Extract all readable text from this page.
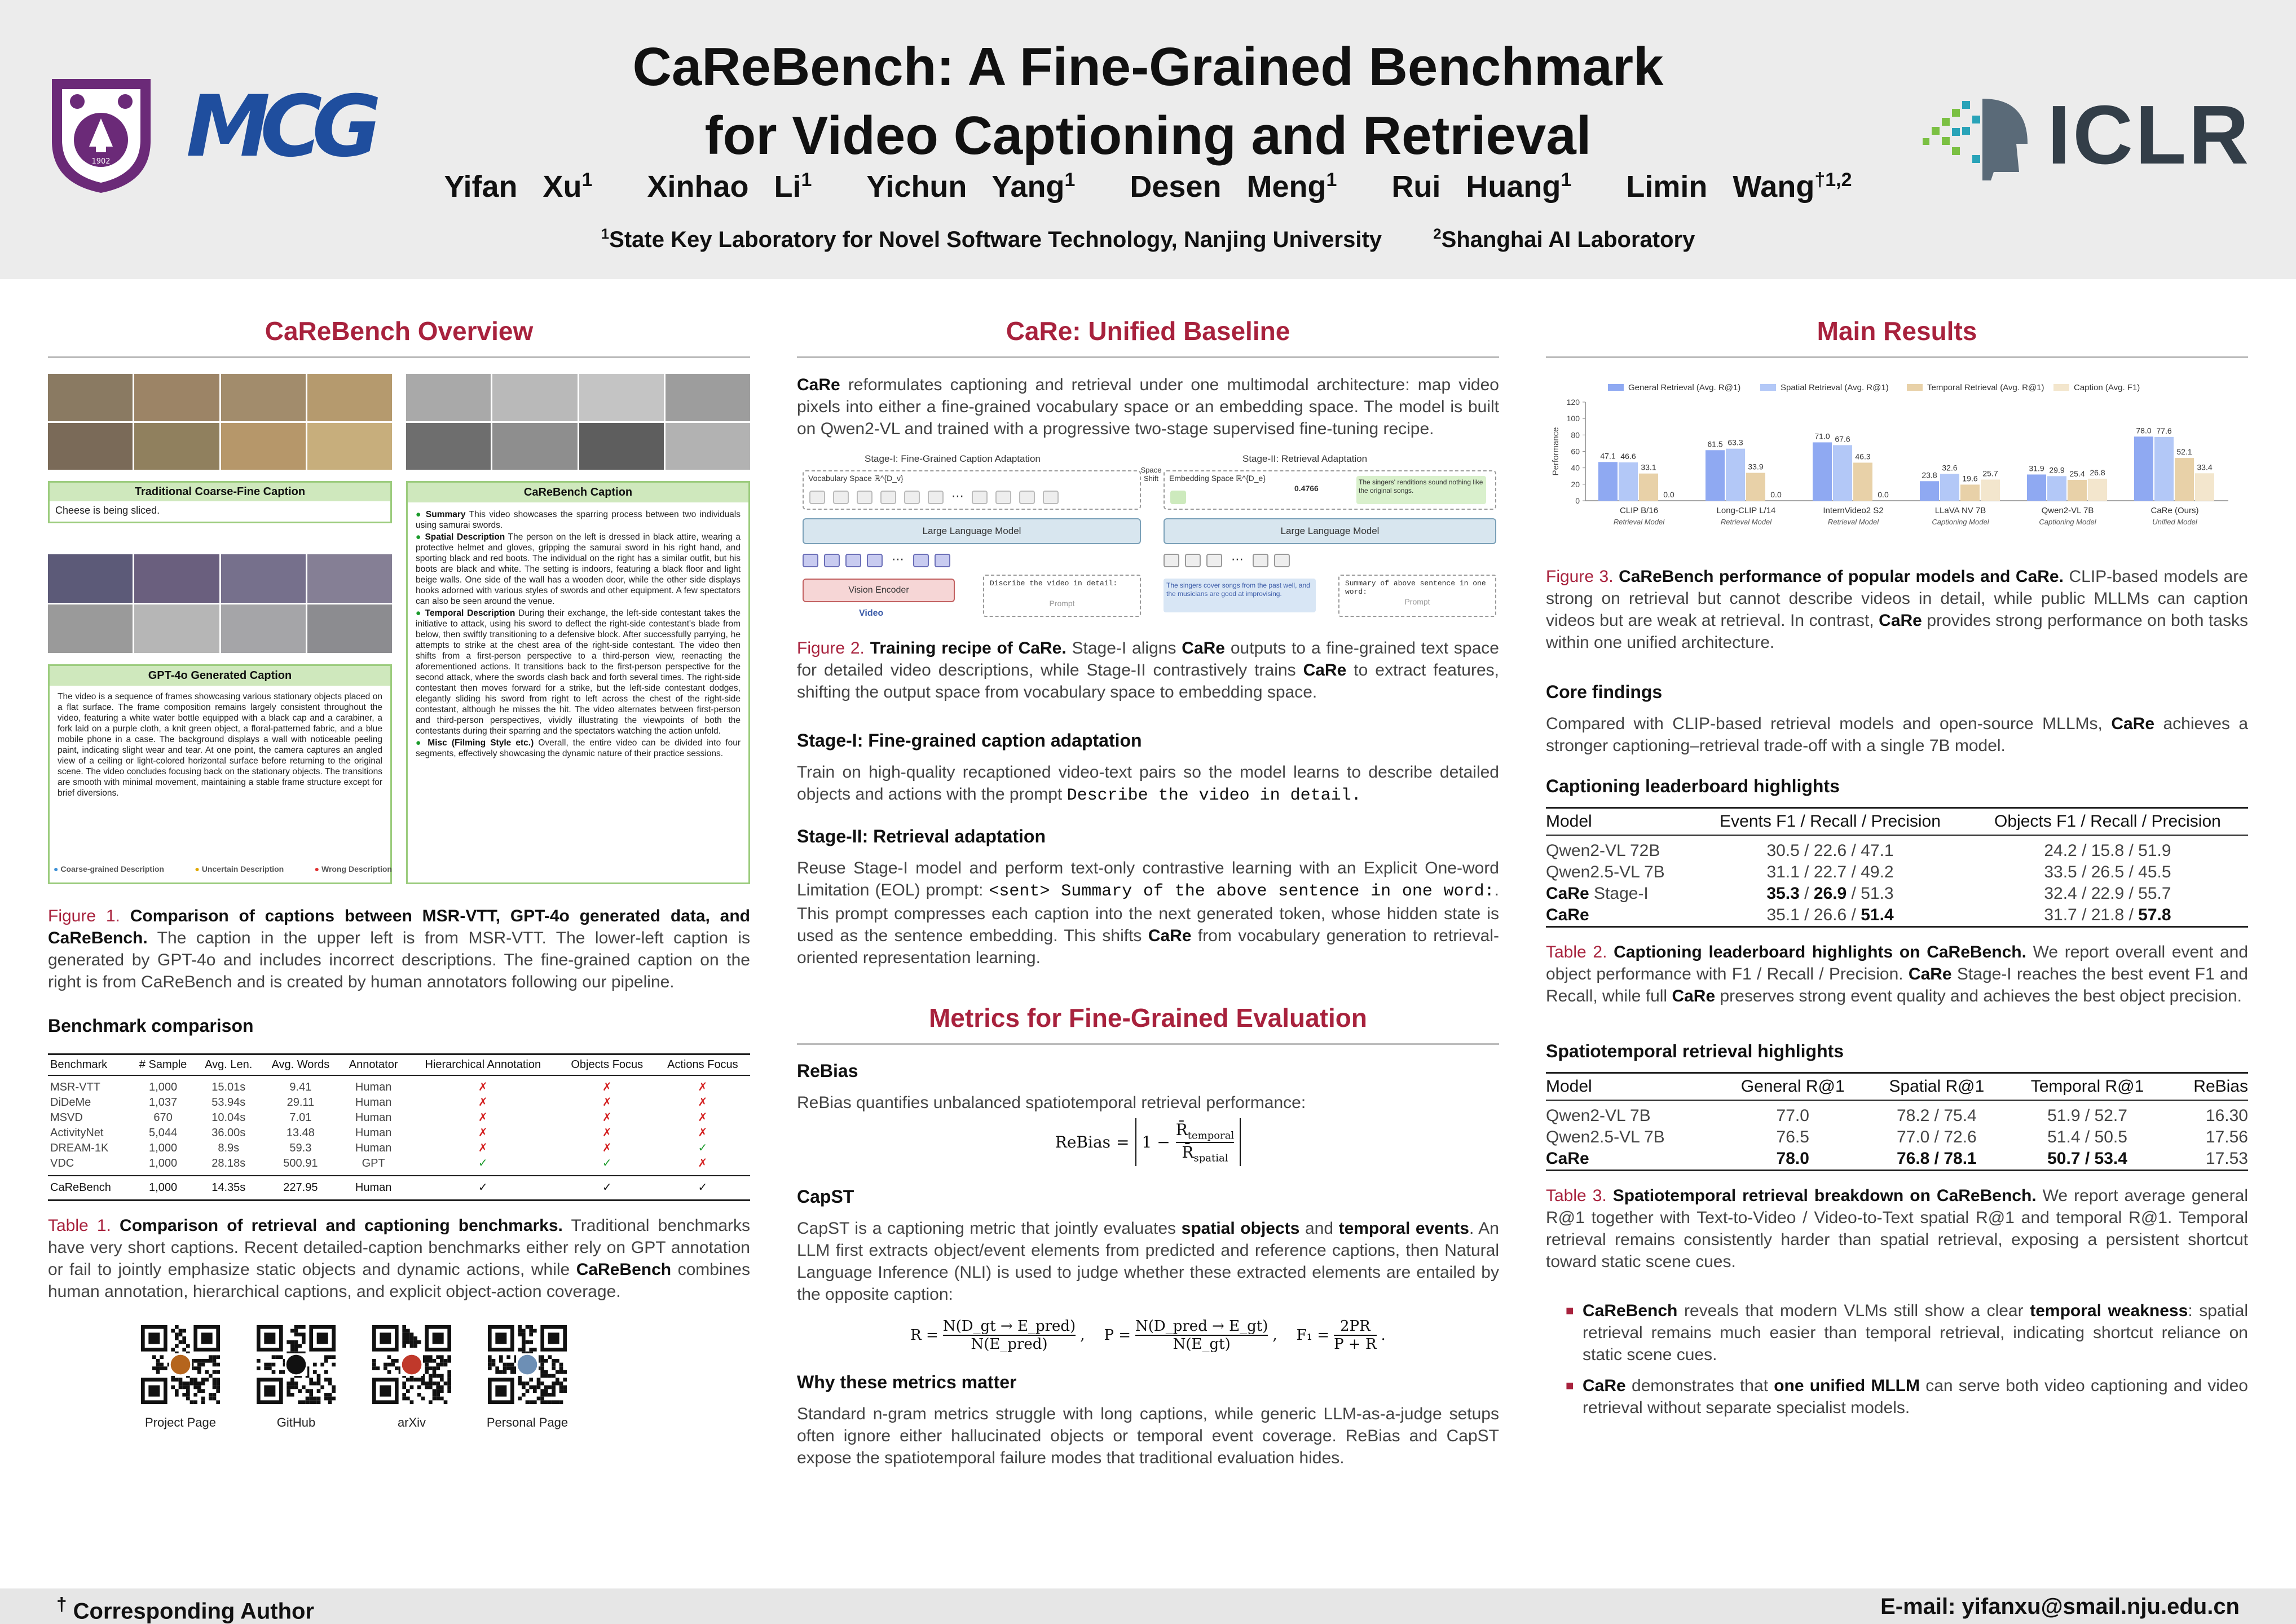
1902 MCG	ICLR
CaReBench: A Fine-Grained Benchmark
for Video Captioning and Retrieval
Yifan Xu$^1$ Xinhao Li$^1$ Yichun Yang$^1$ Desen Meng$^1$ Rui Huang$^1$ Limin Wang$^{\dagger 1,2}$
$^1$State Key Laboratory for Novel Software Technology, Nanjing University	$^2$Shanghai AI Laboratory
CaReBench Overview
Traditional Coarse-Fine Caption
Cheese is being sliced.
GPT-4o Generated Caption
The video is a sequence of frames showcasing various stationary objects placed on a flat surface. The frame composition remains largely consistent throughout the video, featuring a white water bottle equipped with a black cap and a carabiner, a fork laid on a purple cloth, a knit green object, a floral-patterned fabric, and a blue mobile phone in a case. The background displays a wall with noticeable peeling paint, indicating slight wear and tear. At one point, the camera captures an angled view of a ceiling or light-colored horizontal surface before returning to the original scene. The video concludes focusing back on the stationary objects. The transitions are smooth with minimal movement, maintaining a stable frame structure except for brief diversions.
CaReBench Caption

● Summary This video showcases the sparring process between two individuals using samurai swords.

● Spatial Description The person on the left is dressed in black attire, wearing a protective helmet and gloves, gripping the samurai sword in his right hand, and sporting black and red boots. The individual on the right has a similar outfit, but his boots are black and white. The setting is indoors, featuring a black floor and light beige walls. One side of the wall has a wooden door, while the other side displays hooks adorned with various styles of swords and other equipment. A few spectators can also be seen around the venue.

● Temporal Description During their exchange, the left-side contestant takes the initiative to attack, using his sword to deflect the right-side contestant's blade from below, then swiftly transitioning to a defensive block. After successfully parrying, he attempts to strike at the chest area of the right-side contestant. The video then shifts from a first-person perspective to a third-person view, reenacting the aforementioned actions. It transitions back to the first-person perspective for the second attack, where the swords clash back and forth several times. The right-side contestant then moves forward for a strike, but the left-side contestant dodges, elegantly sliding his sword from right to left across the chest of the right-side contestant, although he misses the hit. The video alternates between first-person and third-person perspectives, vividly illustrating the viewpoints of both the contestants during their sparring and the spectators watching the action unfold.

● Misc (Filming Style etc.) Overall, the entire video can be divided into four segments, effectively showcasing the dynamic nature of their practice sessions.

● Coarse-grained Description	● Uncertain Description	● Wrong Description
Figure 1. Comparison of captions between MSR-VTT, GPT-4o generated data, and CaReBench. The caption in the upper left is from MSR-VTT. The lower-left caption is generated by GPT-4o and includes incorrect descriptions. The fine-grained caption on the right is from CaReBench and is created by human annotators following our pipeline.
Benchmark comparison
Benchmark	# Sample	Avg. Len.	Avg. Words	Annotator	Hierarchical Annotation	Objects Focus	Actions Focus
MSR-VTT	1,000	15.01s	9.41	Human	✗	✗	✗
DiDeMe	1,037	53.94s	29.11	Human	✗	✗	✗
MSVD	670	10.04s	7.01	Human	✗	✗	✗
ActivityNet	5,044	36.00s	13.48	Human	✗	✗	✗
DREAM-1K	1,000	8.9s	59.3	Human	✗	✗	✓
VDC	1,000	28.18s	500.91	GPT	✓	✓	✗
CaReBench	1,000	14.35s	227.95	Human	✓	✓	✓
Table 1. Comparison of retrieval and captioning benchmarks. Traditional benchmarks have very short captions. Recent detailed-caption benchmarks either rely on GPT annotation or fail to jointly emphasize static objects and dynamic actions, while CaReBench combines human annotation, hierarchical captions, and explicit object-action coverage.
Project Page	GitHub	arXiv	Personal Page
CaRe: Unified Baseline
CaRe reformulates captioning and retrieval under one multimodal architecture: map video pixels into either a fine-grained vocabulary space or an embedding space. The model is built on Qwen2-VL and trained with a progressive two-stage supervised fine-tuning recipe.
Stage-I: Fine-Grained Caption Adaptation	Stage-II: Retrieval Adaptation
Vocabulary Space ℝ^{D_v}
⋯
Space Shift	Embedding Space ℝ^{D_e}
0.4766
The singers' renditions sound nothing like the original songs.
Large Language Model	Large Language Model
⋯
Vision Encoder
Video
Discribe the video in detail:
Prompt
⋯
The singers cover songs from the past well, and the musicians are good at improvising.
Summary of above sentence in one word:
Prompt
Figure 2. Training recipe of CaRe. Stage-I aligns CaRe outputs to a fine-grained text space for detailed video descriptions, while Stage-II contrastively trains CaRe to extract features, shifting the output space from vocabulary space to embedding space.
Stage-I: Fine-grained caption adaptation
Train on high-quality recaptioned video-text pairs so the model learns to describe detailed objects and actions with the prompt Describe the video in detail.
Stage-II: Retrieval adaptation
Reuse Stage-I model and perform text-only contrastive learning with an Explicit One-word Limitation (EOL) prompt: <sent> Summary of the above sentence in one word:. This prompt compresses each caption into the next generated token, whose hidden state is used as the sentence embedding. This shifts CaRe from vocabulary generation to retrieval-oriented representation learning.
Metrics for Fine-Grained Evaluation
ReBias
ReBias quantifies unbalanced spatiotemporal retrieval performance:
ReBias = 1 −
$R̄_{temporal}$
$R̄_{spatial}$
CapST
CapST is a captioning metric that jointly evaluates spatial objects and temporal events. An LLM first extracts object/event elements from predicted and reference captions, then Natural Language Inference (NLI) is used to judge whether these extracted elements are entailed by the opposite caption:
R =
N(D_gt → E_pred)
N(E_pred)
, P =
N(D_pred → E_gt)
N(E_gt)
, $F_1 = \frac{2PR}{P + R}$ .
Why these metrics matter
Standard n-gram metrics struggle with long captions, while generic LLM-as-a-judge setups often ignore either hallucinated objects or temporal event coverage. ReBias and CapST expose the spatiotemporal failure modes that traditional evaluation hides.
Main Results
0
20
40
60
80
100
120
Performance
General Retrieval (Avg. R@1)	Spatial Retrieval (Avg. R@1)	Temporal Retrieval (Avg. R@1)	Caption (Avg. F1)
47.1 46.6
33.1
0.0
CLIP B/16
Retrieval Model
61.5 63.3
33.9
0.0
Long-CLIP L/14
Retrieval Model
71.0 67.6
46.3
0.0
InternVideo2 S2
Retrieval Model
23.8
32.6
19.6
25.7
LLaVA NV 7B
Captioning Model
31.9 29.9 25.4 26.8
Qwen2-VL 7B
Captioning Model
78.0 77.6
52.1
33.4
CaRe (Ours)
Unified Model
Figure 3. CaReBench performance of popular models and CaRe. CLIP-based models are strong on retrieval but cannot describe videos in detail, while public MLLMs can caption videos but are weak at retrieval. In contrast, CaRe provides strong performance on both tasks within one unified architecture.
Core findings
Compared with CLIP-based retrieval models and open-source MLLMs, CaRe achieves a stronger captioning–retrieval trade-off with a single 7B model.
Captioning leaderboard highlights
Model	Events F1 / Recall / Precision	Objects F1 / Recall / Precision
Qwen2-VL 72B	30.5 / 22.6 / 47.1	24.2 / 15.8 / 51.9
Qwen2.5-VL 7B	31.1 / 22.7 / 49.2	33.5 / 26.5 / 45.5
CaRe Stage-I	35.3 / 26.9 / 51.3	32.4 / 22.9 / 55.7
CaRe	35.1 / 26.6 / 51.4	31.7 / 21.8 / 57.8
Table 2. Captioning leaderboard highlights on CaReBench. We report overall event and object performance with F1 / Recall / Precision. CaRe Stage-I reaches the best event F1 and Recall, while full CaRe preserves strong event quality and achieves the best object precision.
Spatiotemporal retrieval highlights
Model	General R@1	Spatial R@1	Temporal R@1	ReBias
Qwen2-VL 7B	77.0	78.2 / 75.4	51.9 / 52.7	16.30
Qwen2.5-VL 7B	76.5	77.0 / 72.6	51.4 / 50.5	17.56
CaRe	78.0	76.8 / 78.1	50.7 / 53.4	17.53
Table 3. Spatiotemporal retrieval breakdown on CaReBench. We report average general R@1 together with Text-to-Video / Video-to-Text spatial R@1 and temporal R@1. Temporal retrieval remains consistently harder than spatial retrieval, exposing a persistent shortcut toward static scene cues.
■ CaReBench reveals that modern VLMs still show a clear temporal weakness: spatial retrieval remains much easier than temporal retrieval, indicating shortcut reliance on static scene cues.
■ CaRe demonstrates that one unified MLLM can serve both video captioning and video retrieval without separate specialist models.
† Corresponding Author	E-mail: yifanxu@smail.nju.edu.cn
